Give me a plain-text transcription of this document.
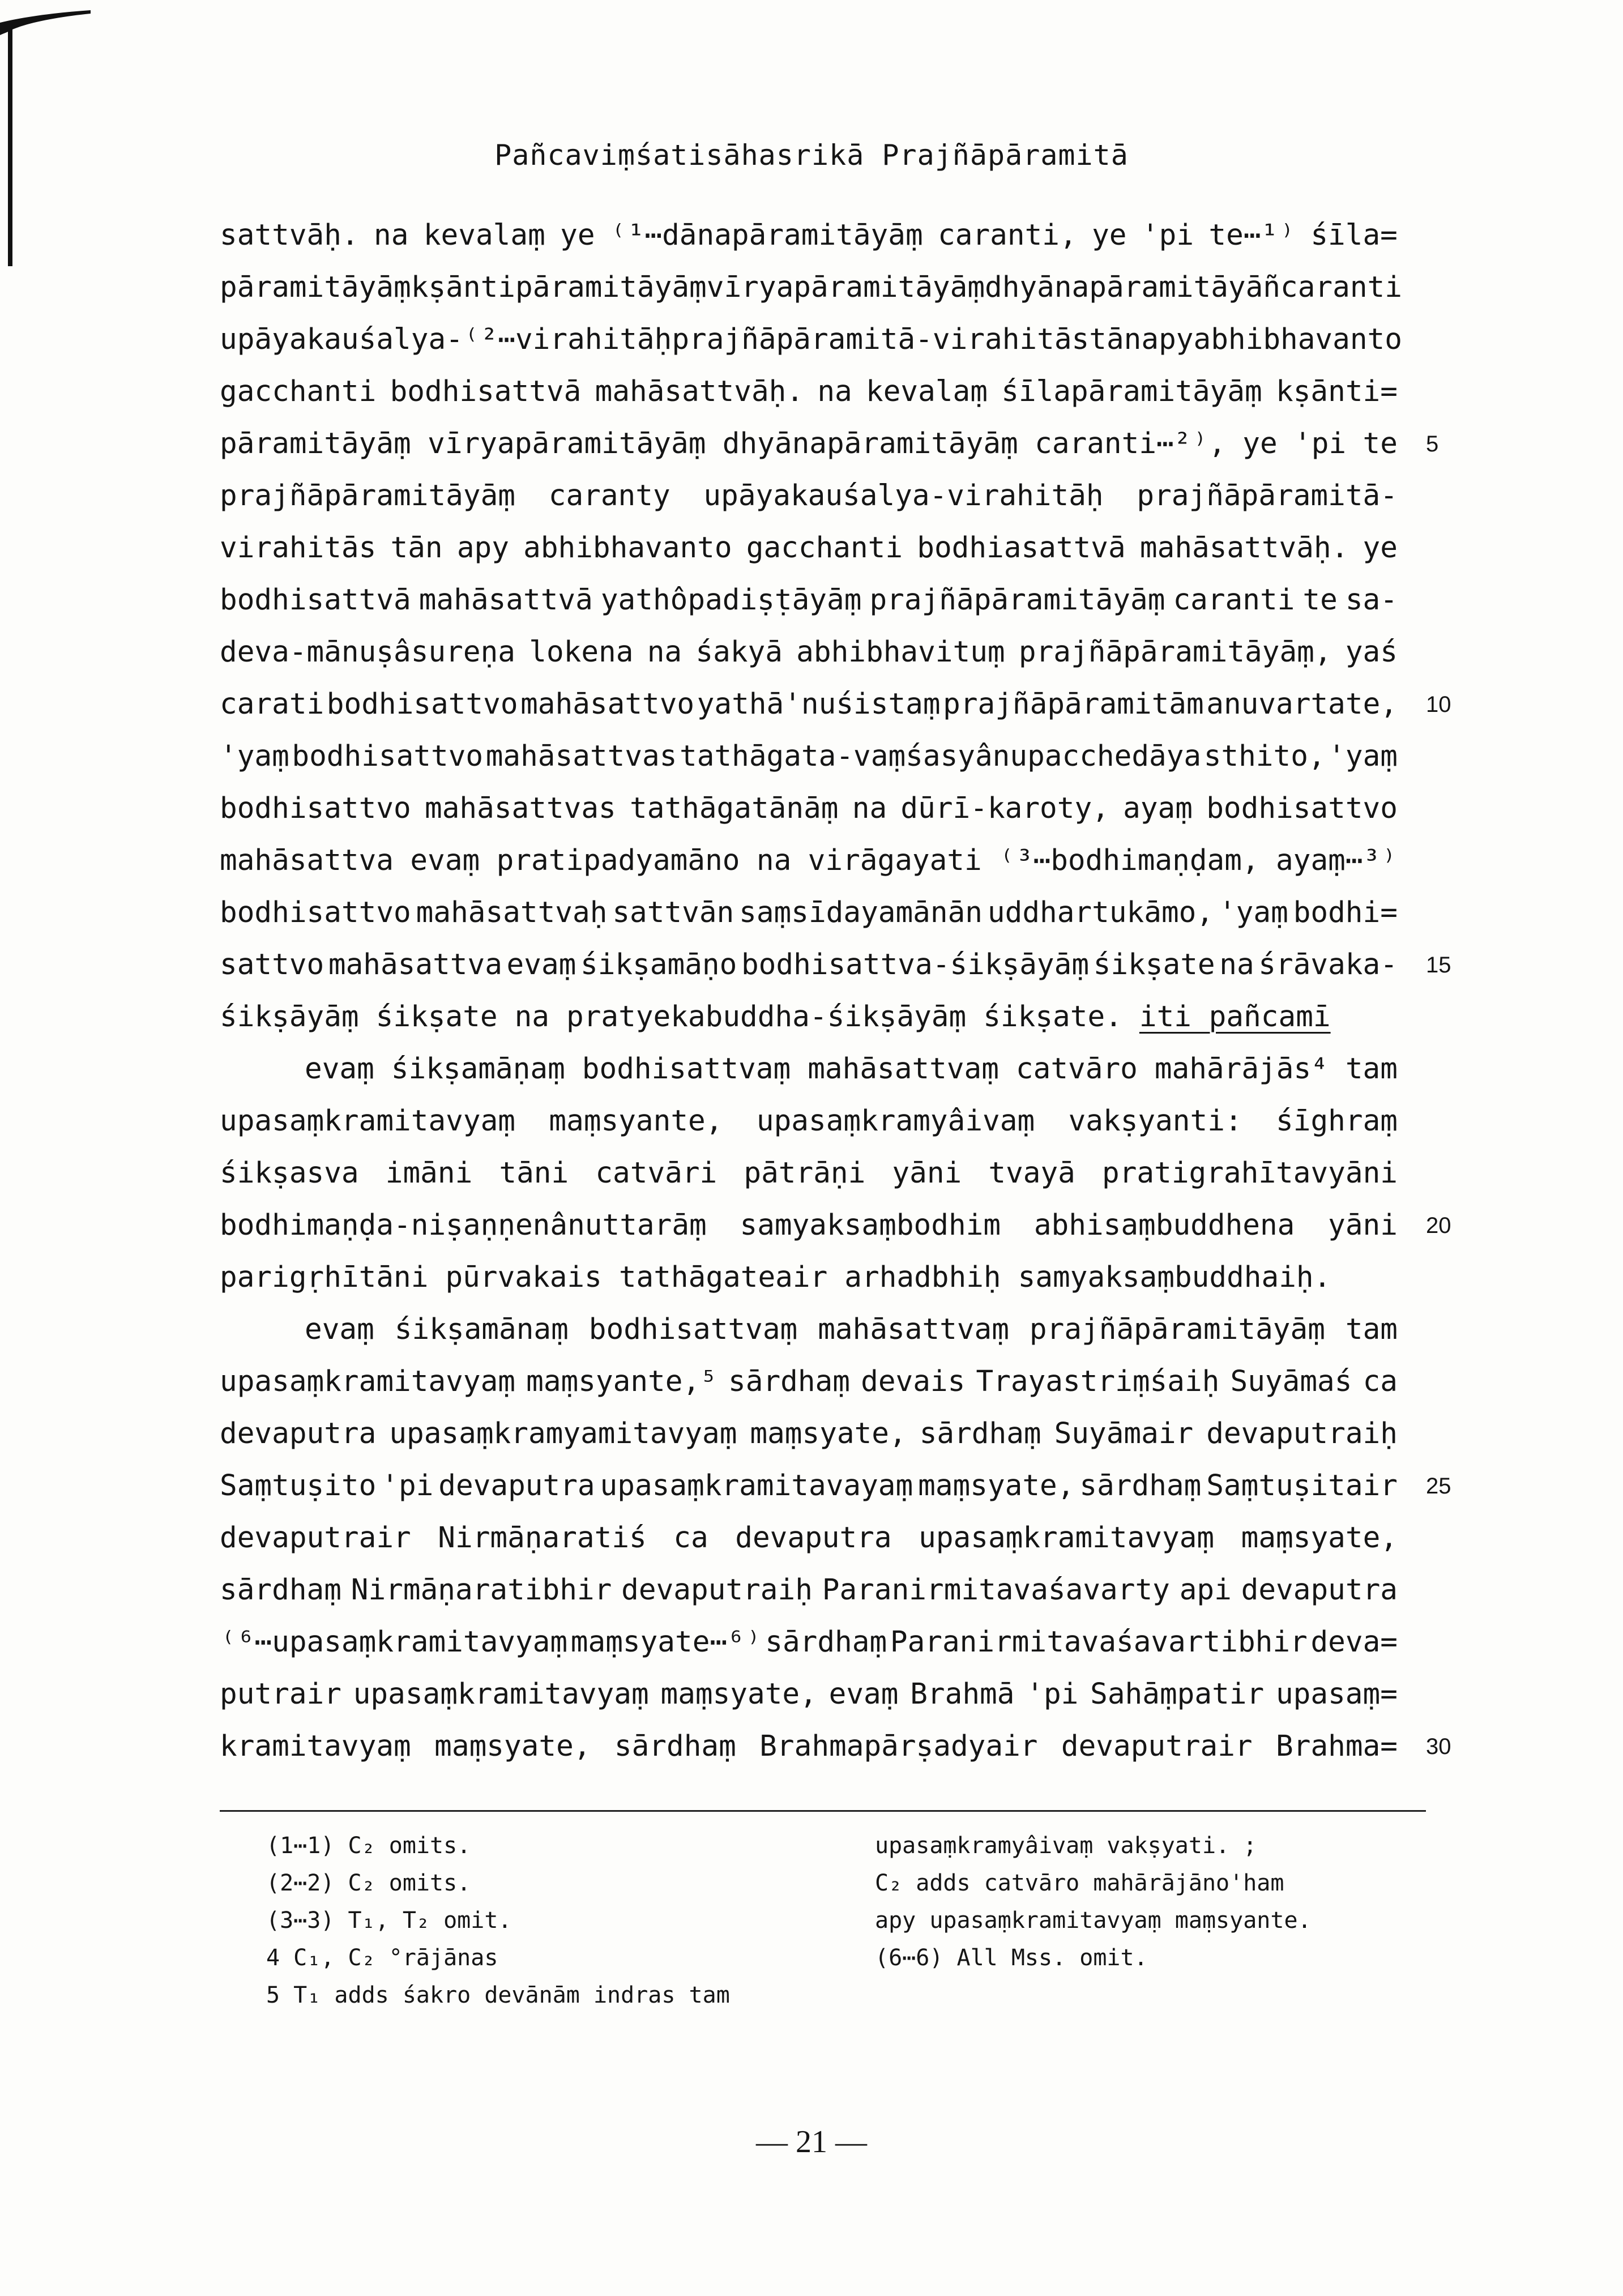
Pañcaviṃśatisāhasrikā Prajñāpāramitā
sattvāḥ. na kevalaṃ ye ⁽¹⋯dānapāramitāyāṃ caranti, ye 'pi te⋯¹⁾ śīla=
pāramitāyāṃ kṣāntipāramitāyāṃ vīryapāramitāyāṃ dhyānapāramitāyāñ caranti
upāyakauśalya-⁽²⋯virahitāḥ prajñāpāramitā-virahitās tān apy abhibhavanto
gacchanti bodhisattvā mahāsattvāḥ. na kevalaṃ śīlapāramitāyāṃ kṣānti=
pāramitāyāṃ vīryapāramitāyāṃ dhyānapāramitāyāṃ caranti⋯²⁾, ye 'pi te
prajñāpāramitāyāṃ caranty upāyakauśalya-virahitāḥ prajñāpāramitā-
virahitās tān apy abhibhavanto gacchanti bodhiasattvā mahāsattvāḥ. ye
bodhisattvā mahāsattvā yathôpadiṣṭāyāṃ prajñāpāramitāyāṃ caranti te sa-
deva-mānuṣâsureṇa lokena na śakyā abhibhavituṃ prajñāpāramitāyāṃ, yaś
carati bodhisattvo mahāsattvo yathā'nuśistaṃ prajñāpāramitām anuvartate,
'yaṃ bodhisattvo mahāsattvas tathāgata-vaṃśasyânupacchedāya sthito, 'yaṃ
bodhisattvo mahāsattvas tathāgatānāṃ na dūrī-karoty, ayaṃ bodhisattvo
mahāsattva evaṃ pratipadyamāno na virāgayati ⁽³⋯bodhimaṇḍam, ayaṃ⋯³⁾
bodhisattvo mahāsattvaḥ sattvān saṃsīdayamānān uddhartukāmo, 'yaṃ bodhi=
sattvo mahāsattva evaṃ śikṣamāṇo bodhisattva-śikṣāyāṃ śikṣate na śrāvaka-
śikṣāyāṃ śikṣate na pratyekabuddha-śikṣāyāṃ śikṣate. iti pañcamī
evaṃ śikṣamāṇaṃ bodhisattvaṃ mahāsattvaṃ catvāro mahārājās⁴ tam
upasaṃkramitavyaṃ maṃsyante, upasaṃkramyâivaṃ vakṣyanti: śīghraṃ
śikṣasva imāni tāni catvāri pātrāṇi yāni tvayā pratigrahītavyāni
bodhimaṇḍa-niṣaṇṇenânuttarāṃ samyaksaṃbodhim abhisaṃbuddhena yāni
parigṛhītāni pūrvakais tathāgateair arhadbhiḥ samyaksaṃbuddhaiḥ.
evaṃ śikṣamānaṃ bodhisattvaṃ mahāsattvaṃ prajñāpāramitāyāṃ tam
upasaṃkramitavyaṃ maṃsyante,⁵ sārdhaṃ devais Trayastriṃśaiḥ Suyāmaś ca
devaputra upasaṃkramyamitavyaṃ maṃsyate, sārdhaṃ Suyāmair devaputraiḥ
Saṃtuṣito 'pi devaputra upasaṃkramitavayaṃ maṃsyate, sārdhaṃ Saṃtuṣitair
devaputrair Nirmāṇaratiś ca devaputra upasaṃkramitavyaṃ maṃsyate,
sārdhaṃ Nirmāṇaratibhir devaputraiḥ Paranirmitavaśavarty api devaputra
⁽⁶⋯upasaṃkramitavyaṃ maṃsyate⋯⁶⁾ sārdhaṃ Paranirmitavaśavartibhir deva=
putrair upasaṃkramitavyaṃ maṃsyate, evaṃ Brahmā 'pi Sahāṃpatir upasaṃ=
kramitavyaṃ maṃsyate, sārdhaṃ Brahmapārṣadyair devaputrair Brahma=
5
10
15
20
25
30
(1⋯1) C₂ omits.
(2⋯2) C₂ omits.
(3⋯3) T₁, T₂ omit.
4 C₁, C₂ °rājānas
5 T₁ adds śakro devānām indras tam
upasaṃkramyâivaṃ vakṣyati. ;
C₂ adds catvāro mahārājāno'ham
apy upasaṃkramitavyaṃ maṃsyante.
(6⋯6) All Mss. omit.
— 21 —
